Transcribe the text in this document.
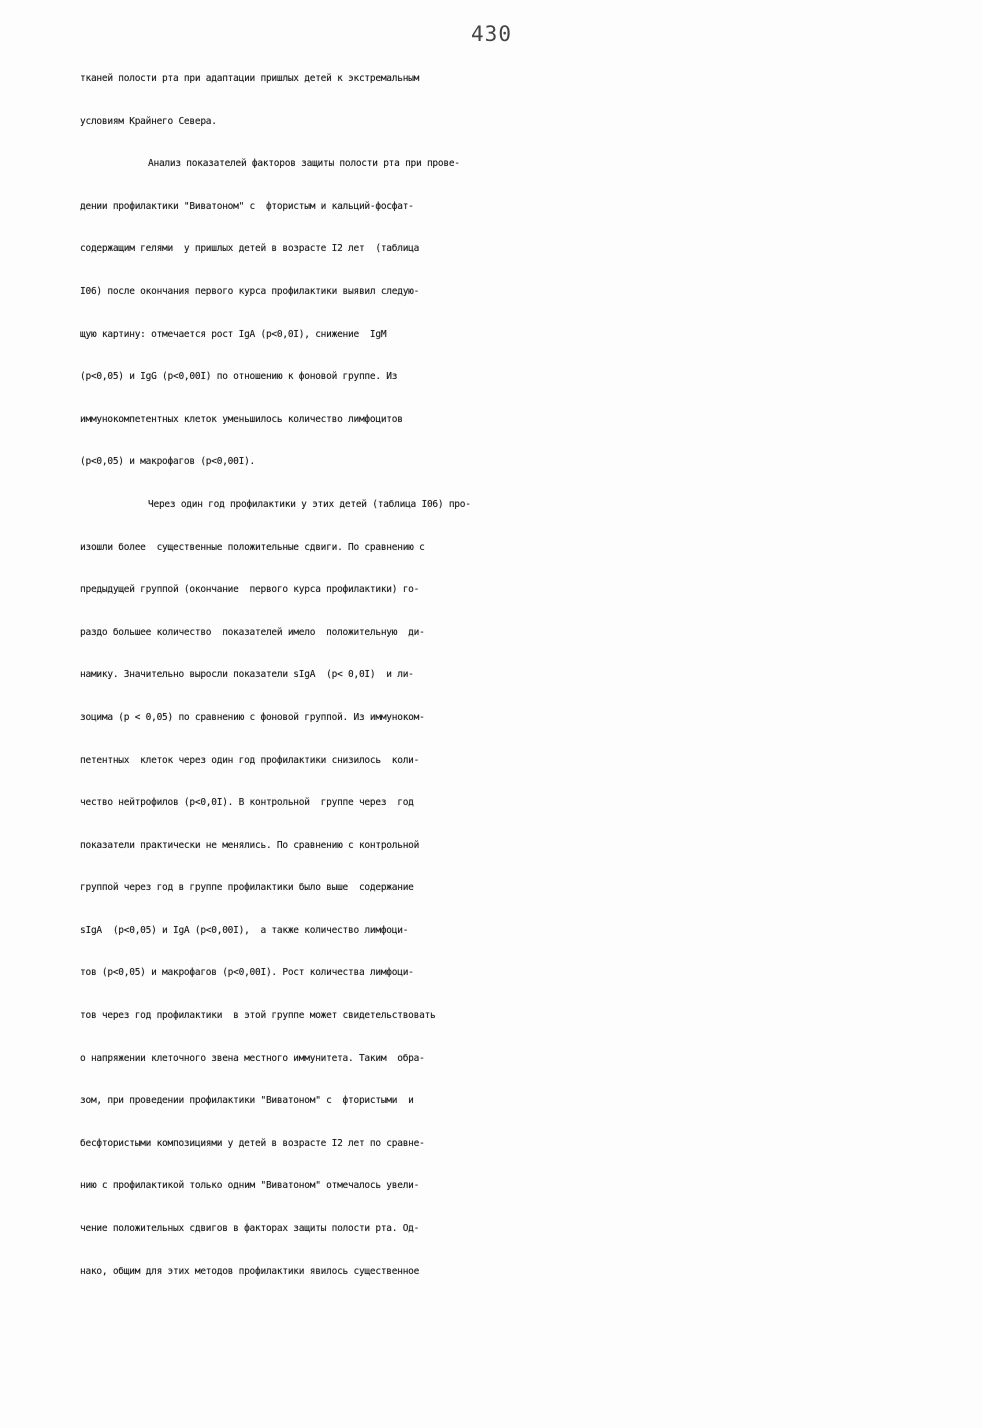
430
тканей полости рта при адаптации пришлых детей к экстремальным
условиям Крайнего Севера.
Анализ показателей факторов защиты полости рта при прове-
дении профилактики "Виватоном" с  фтористым и кальций-фосфат-
содержащим гелями  у пришлых детей в возрасте I2 лет  (таблица
I06) после окончания первого курса профилактики выявил следую-
щую картину: отмечается рост IgA (p<0,0I), снижение  IgM
(p<0,05) и IgG (p<0,00I) по отношению к фоновой группе. Из
иммунокомпетентных клеток уменьшилось количество лимфоцитов
(p<0,05) и макрофагов (p<0,00I).
Через один год профилактики у этих детей (таблица I06) про-
изошли более  существенные положительные сдвиги. По сравнению с
предыдущей группой (окончание  первого курса профилактики) го-
раздо большее количество  показателей имело  положительную  ди-
намику. Значительно выросли показатели sIgA  (p< 0,0I)  и ли-
зоцима (p < 0,05) по сравнению с фоновой группой. Из иммуноком-
петентных  клеток через один год профилактики снизилось  коли-
чество нейтрофилов (p<0,0I). В контрольной  группе через  год
показатели практически не менялись. По сравнению с контрольной
группой через год в группе профилактики было выше  содержание
sIgA  (p<0,05) и IgA (p<0,00I),  а также количество лимфоци-
тов (p<0,05) и макрофагов (p<0,00I). Рост количества лимфоци-
тов через год профилактики  в этой группе может свидетельствовать
о напряжении клеточного звена местного иммунитета. Таким  обра-
зом, при проведении профилактики "Виватоном" с  фтористыми  и
бесфтористыми композициями у детей в возрасте I2 лет по сравне-
нию с профилактикой только одним "Виватоном" отмечалось увели-
чение положительных сдвигов в факторах защиты полости рта. Од-
нако, общим для этих методов профилактики явилось существенное
